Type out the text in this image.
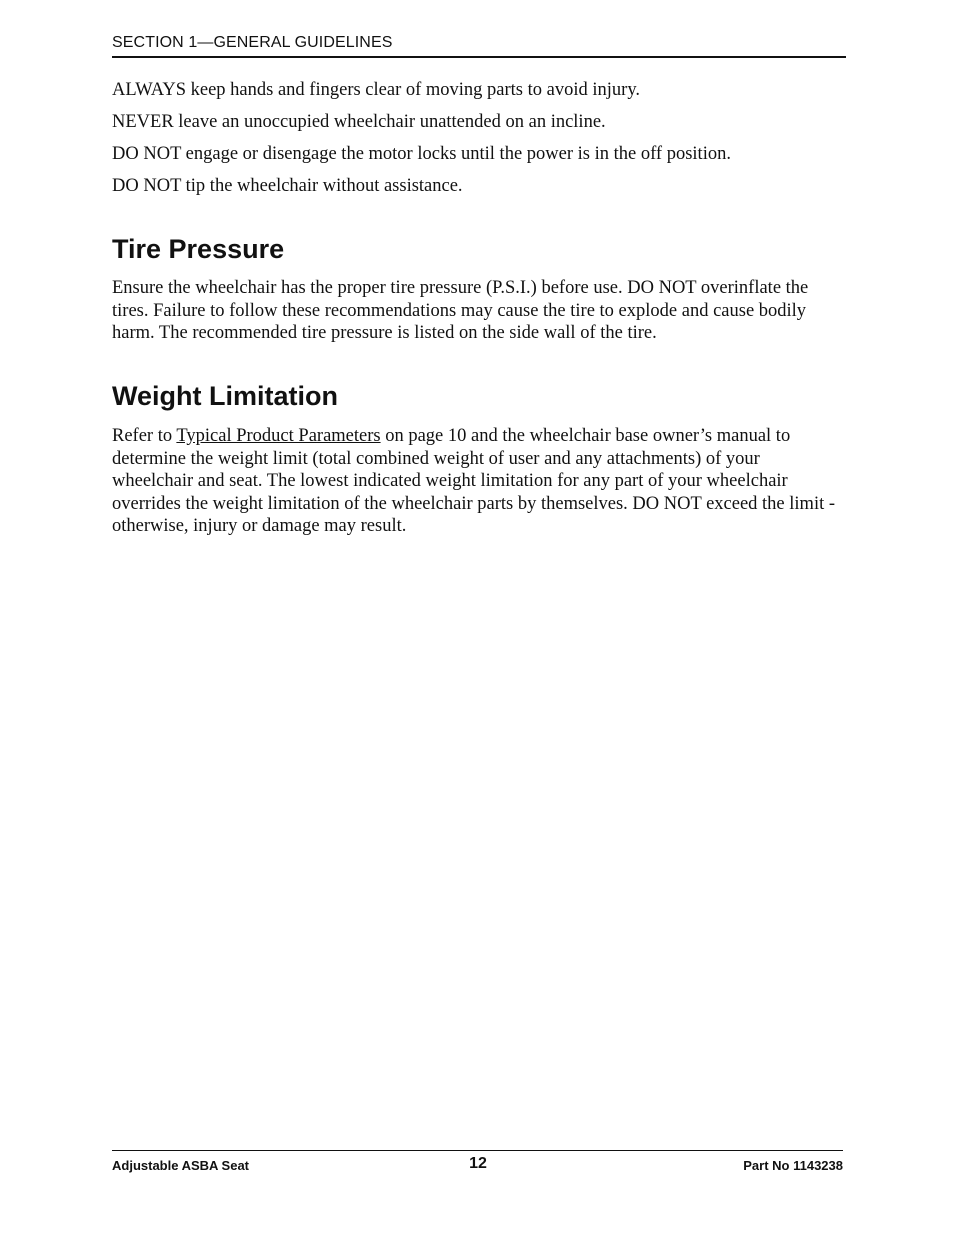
SECTION 1—GENERAL GUIDELINES

ALWAYS keep hands and fingers clear of moving parts to avoid injury.

NEVER leave an unoccupied wheelchair unattended on an incline.

DO NOT engage or disengage the motor locks until the power is in the off position.

DO NOT tip the wheelchair without assistance.

Tire Pressure

Ensure the wheelchair has the proper tire pressure (P.S.I.) before use. DO NOT overinflate the tires. Failure to follow these recommendations may cause the tire to explode and cause bodily harm. The recommended tire pressure is listed on the side wall of the tire.

Weight Limitation

Refer to Typical Product Parameters on page 10 and the wheelchair base owner’s manual to determine the weight limit (total combined weight of user and any attachments) of your wheelchair and seat. The lowest indicated weight limitation for any part of your wheelchair overrides the weight limitation of the wheelchair parts by themselves. DO NOT exceed the limit - otherwise, injury or damage may result.

Adjustable ASBA Seat	12	Part No 1143238
